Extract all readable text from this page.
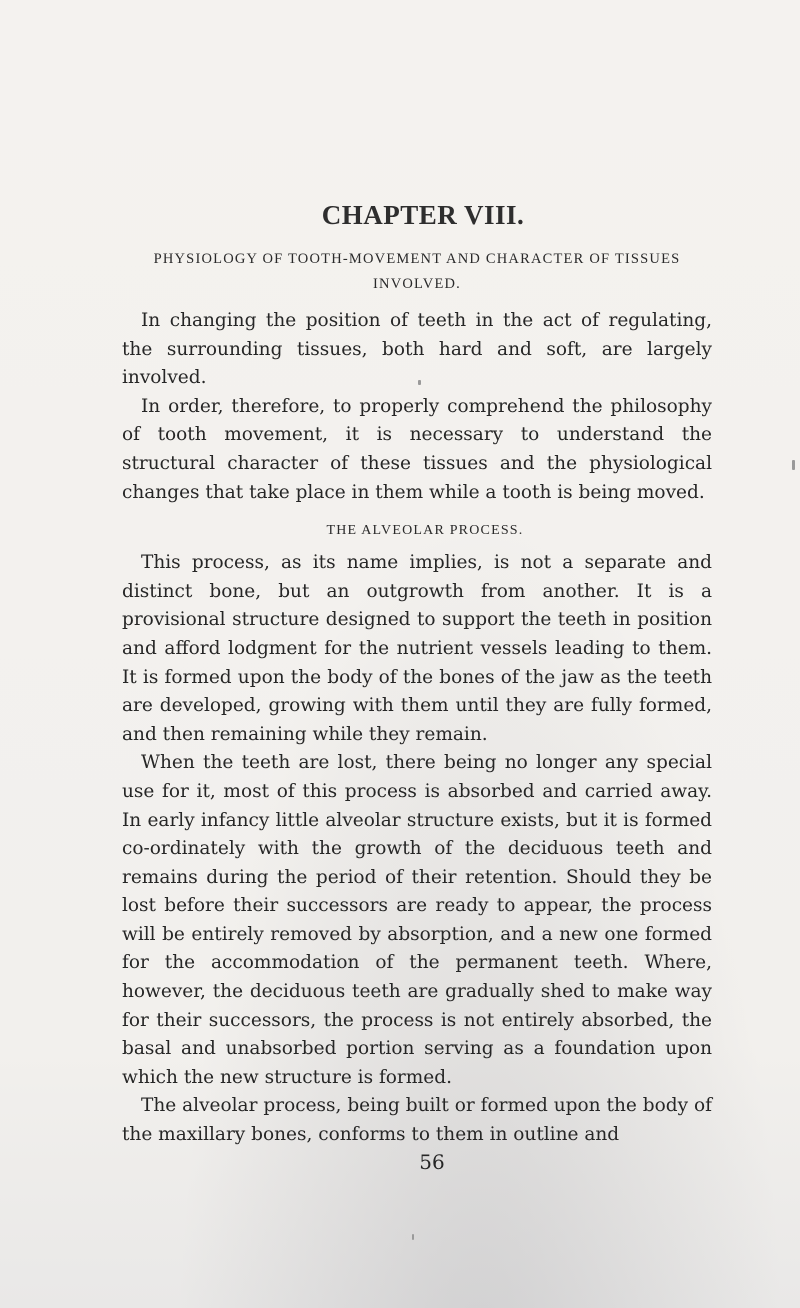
CHAPTER VIII.
PHYSIOLOGY OF TOOTH-MOVEMENT AND CHARACTER OF TISSUES INVOLVED.

In changing the position of teeth in the act of regulating, the surrounding tissues, both hard and soft, are largely involved.

In order, therefore, to properly comprehend the philosophy of tooth movement, it is necessary to understand the structural character of these tissues and the physiological changes that take place in them while a tooth is being moved.

THE ALVEOLAR PROCESS.

This process, as its name implies, is not a separate and distinct bone, but an outgrowth from another. It is a provisional structure designed to support the teeth in position and afford lodgment for the nutrient vessels leading to them. It is formed upon the body of the bones of the jaw as the teeth are developed, growing with them until they are fully formed, and then remaining while they remain.

When the teeth are lost, there being no longer any special use for it, most of this process is absorbed and carried away. In early infancy little alveolar structure exists, but it is formed co-ordinately with the growth of the deciduous teeth and remains during the period of their retention. Should they be lost before their successors are ready to appear, the process will be entirely removed by absorption, and a new one formed for the accommodation of the permanent teeth. Where, however, the deciduous teeth are gradually shed to make way for their successors, the process is not entirely absorbed, the basal and unabsorbed portion serving as a foundation upon which the new structure is formed.

The alveolar process, being built or formed upon the body of the maxillary bones, conforms to them in outline and

56
